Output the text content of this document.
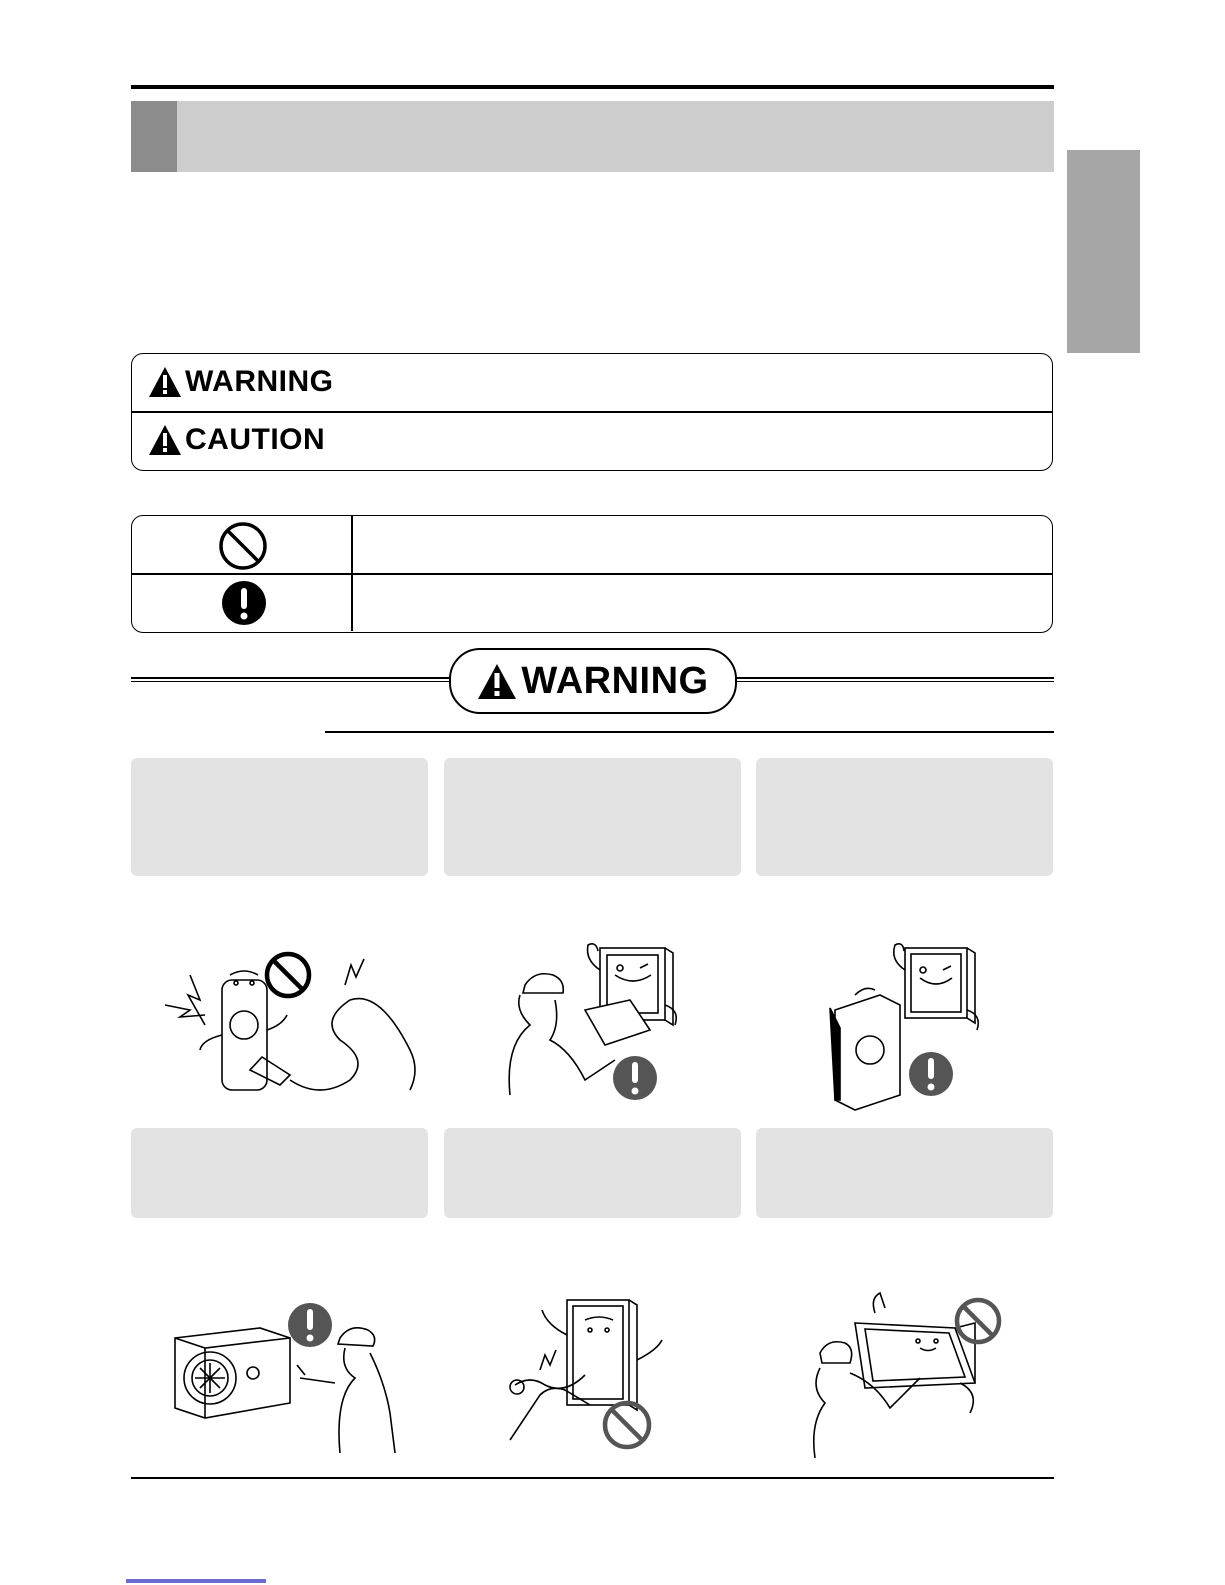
WARNING
CAUTION
WARNING
